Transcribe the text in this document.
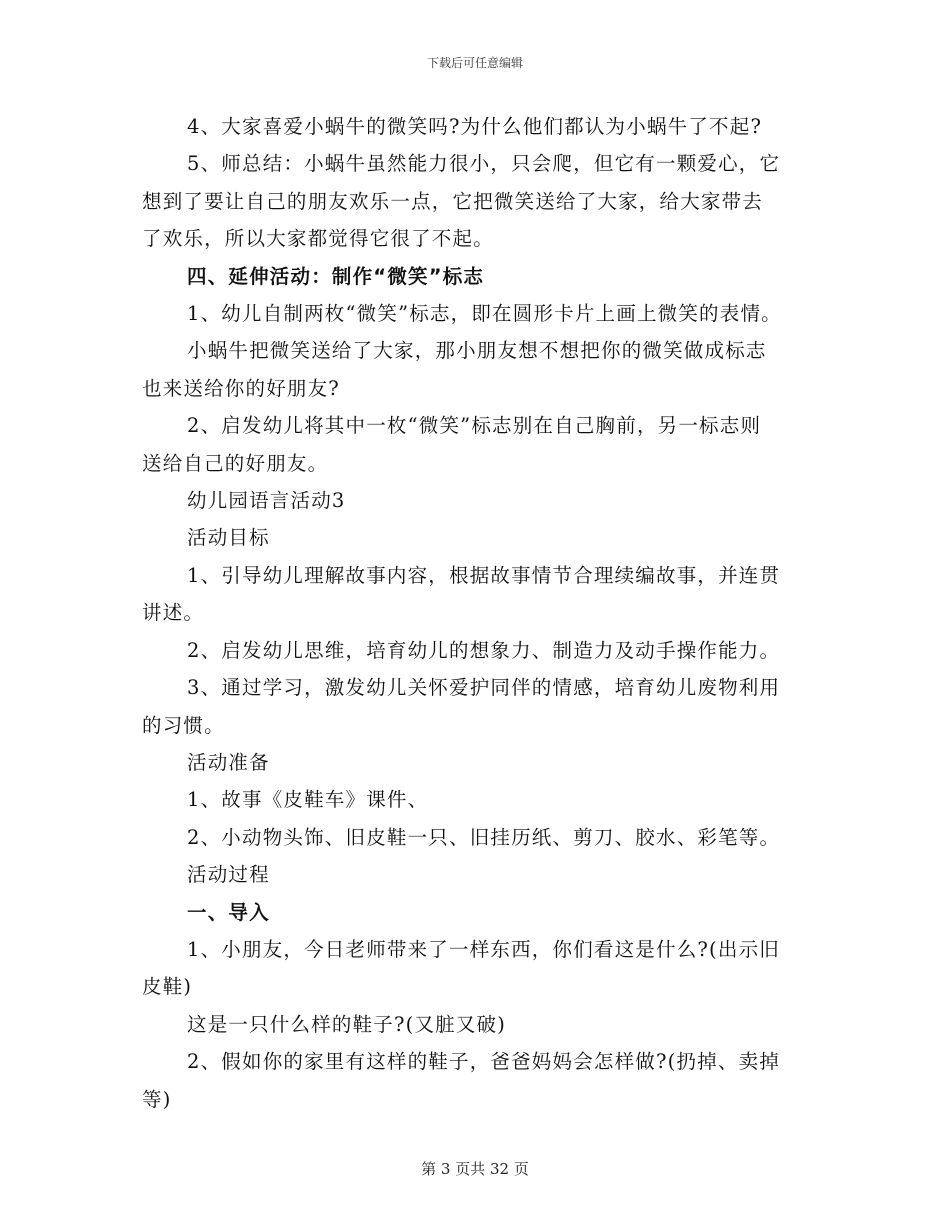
下载后可任意编辑

4、大家喜爱小蜗牛的微笑吗?为什么他们都认为小蜗牛了不起?

5、师总结：小蜗牛虽然能力很小，只会爬，但它有一颗爱心，它

想到了要让自己的朋友欢乐一点，它把微笑送给了大家，给大家带去

了欢乐，所以大家都觉得它很了不起。

四、延伸活动：制作“微笑”标志

1、幼儿自制两枚“微笑”标志，即在圆形卡片上画上微笑的表情。

小蜗牛把微笑送给了大家，那小朋友想不想把你的微笑做成标志

也来送给你的好朋友?

2、启发幼儿将其中一枚“微笑”标志别在自己胸前，另一标志则

送给自己的好朋友。

幼儿园语言活动3

活动目标

1、引导幼儿理解故事内容，根据故事情节合理续编故事，并连贯

讲述。

2、启发幼儿思维，培育幼儿的想象力、制造力及动手操作能力。

3、通过学习，激发幼儿关怀爱护同伴的情感，培育幼儿废物利用

的习惯。

活动准备

1、故事《皮鞋车》课件、

2、小动物头饰、旧皮鞋一只、旧挂历纸、剪刀、胶水、彩笔等。

活动过程

一、导入

1、小朋友，今日老师带来了一样东西，你们看这是什么?(出示旧

皮鞋)

这是一只什么样的鞋子?(又脏又破)

2、假如你的家里有这样的鞋子，爸爸妈妈会怎样做?(扔掉、卖掉

等)

第 3 页共 32 页
